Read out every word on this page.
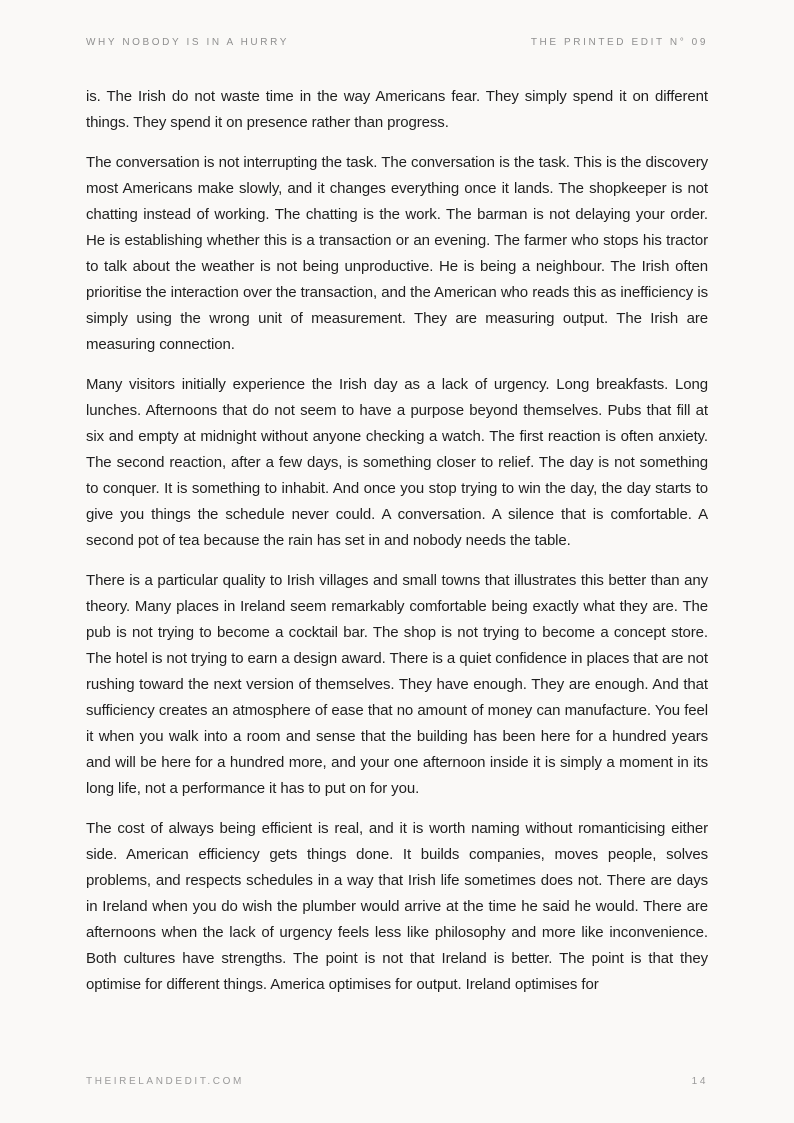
WHY NOBODY IS IN A HURRY	THE PRINTED EDIT N° 09

is. The Irish do not waste time in the way Americans fear. They simply spend it on different things. They spend it on presence rather than progress.

The conversation is not interrupting the task. The conversation is the task. This is the discovery most Americans make slowly, and it changes everything once it lands. The shopkeeper is not chatting instead of working. The chatting is the work. The barman is not delaying your order. He is establishing whether this is a transaction or an evening. The farmer who stops his tractor to talk about the weather is not being unproductive. He is being a neighbour. The Irish often prioritise the interaction over the transaction, and the American who reads this as inefficiency is simply using the wrong unit of measurement. They are measuring output. The Irish are measuring connection.

Many visitors initially experience the Irish day as a lack of urgency. Long breakfasts. Long lunches. Afternoons that do not seem to have a purpose beyond themselves. Pubs that fill at six and empty at midnight without anyone checking a watch. The first reaction is often anxiety. The second reaction, after a few days, is something closer to relief. The day is not something to conquer. It is something to inhabit. And once you stop trying to win the day, the day starts to give you things the schedule never could. A conversation. A silence that is comfortable. A second pot of tea because the rain has set in and nobody needs the table.

There is a particular quality to Irish villages and small towns that illustrates this better than any theory. Many places in Ireland seem remarkably comfortable being exactly what they are. The pub is not trying to become a cocktail bar. The shop is not trying to become a concept store. The hotel is not trying to earn a design award. There is a quiet confidence in places that are not rushing toward the next version of themselves. They have enough. They are enough. And that sufficiency creates an atmosphere of ease that no amount of money can manufacture. You feel it when you walk into a room and sense that the building has been here for a hundred years and will be here for a hundred more, and your one afternoon inside it is simply a moment in its long life, not a performance it has to put on for you.

The cost of always being efficient is real, and it is worth naming without romanticising either side. American efficiency gets things done. It builds companies, moves people, solves problems, and respects schedules in a way that Irish life sometimes does not. There are days in Ireland when you do wish the plumber would arrive at the time he said he would. There are afternoons when the lack of urgency feels less like philosophy and more like inconvenience. Both cultures have strengths. The point is not that Ireland is better. The point is that they optimise for different things. America optimises for output. Ireland optimises for

THEIRELANDEDIT.COM	14
